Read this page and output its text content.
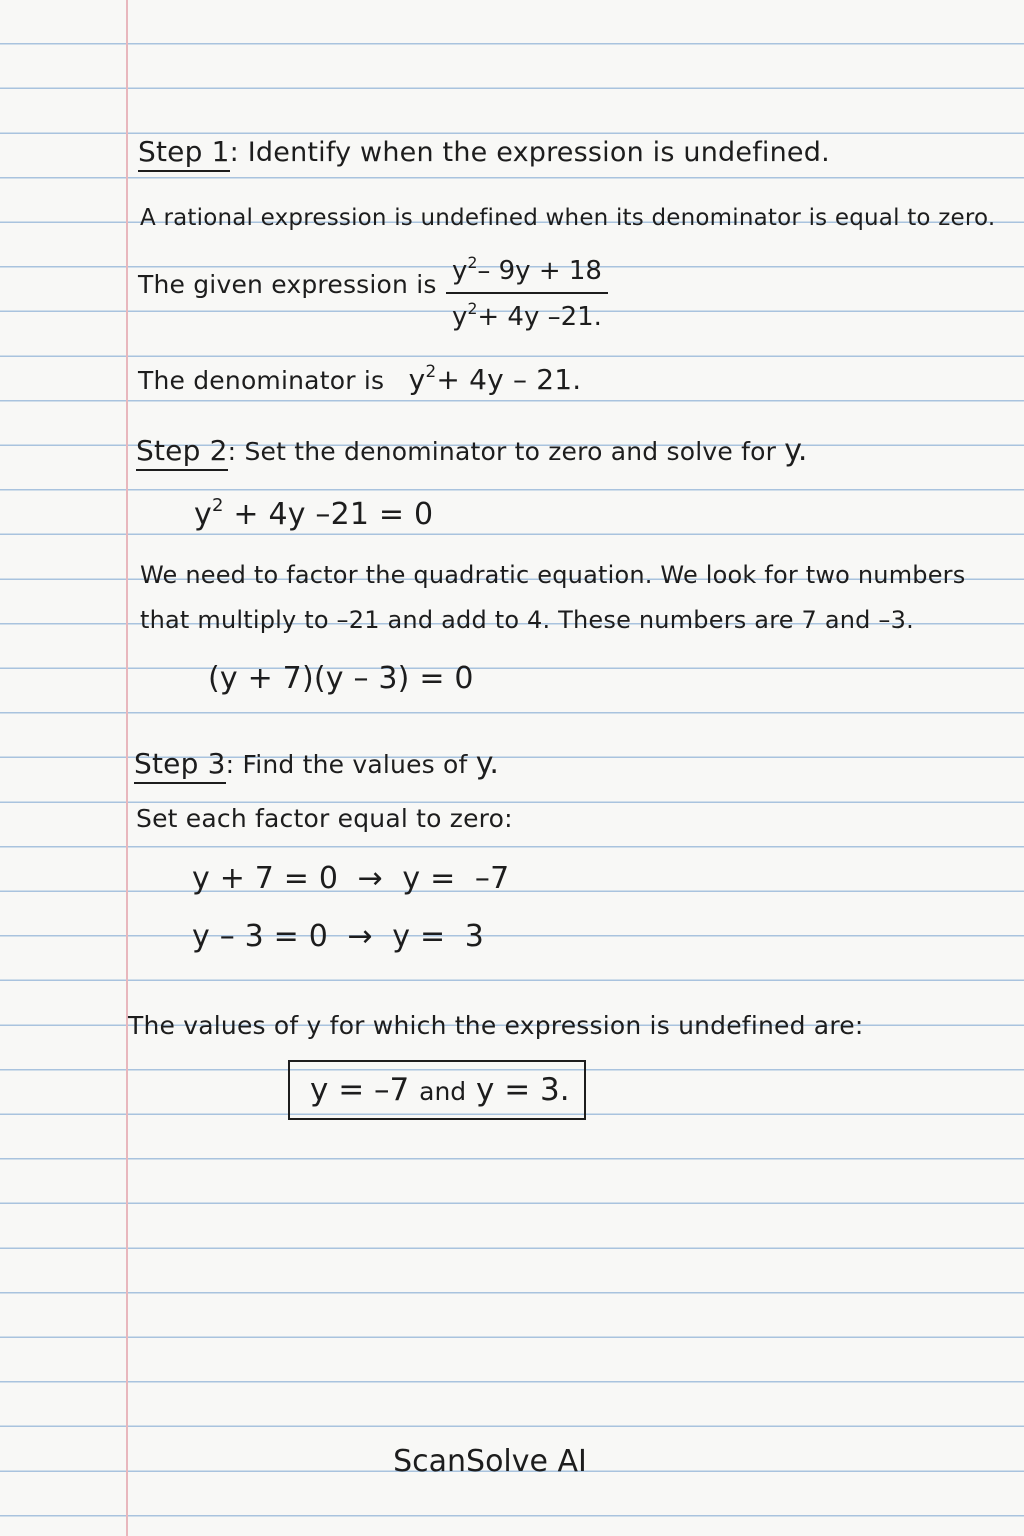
Step 1: Identify when the expression is undefined.
A rational expression is undefined when its denominator is equal to zero.
The given expression is $\frac{y^2- 9y + 18}{y^2+ 4y -21.}$
The denominator is $y^2+ 4y - 21$.
Step 2: Set the denominator to zero and solve for y.
$y^2 + 4y$ –21 = 0
We need to factor the quadratic equation. We look for two numbers
that multiply to –21 and add to 4. These numbers are 7 and –3.
(y + 7)(y – 3) = 0
Step 3: Find the values of y.
Set each factor equal to zero:
y + 7 = 0  →  y =  –7
y – 3 = 0  →  y =  3
The values of y for which the expression is undefined are:
y = –7 and y = 3.
ScanSolve AI
